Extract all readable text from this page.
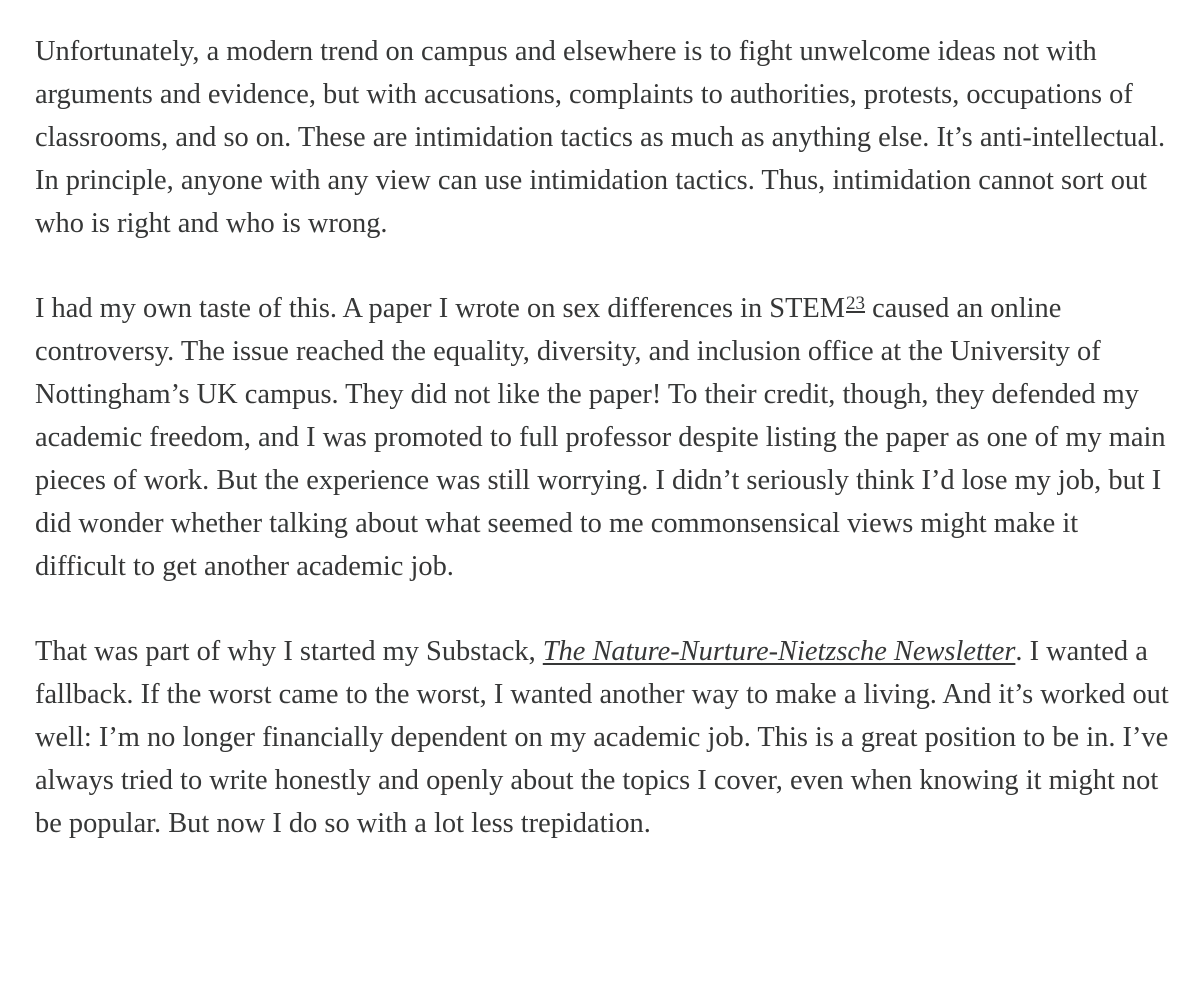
Unfortunately, a modern trend on campus and elsewhere is to fight unwelcome ideas not with arguments and evidence, but with accusations, complaints to authorities, protests, occupations of classrooms, and so on. These are intimidation tactics as much as anything else. It’s anti-intellectual. In principle, anyone with any view can use intimidation tactics. Thus, intimidation cannot sort out who is right and who is wrong.

I had my own taste of this. A paper I wrote on sex differences in STEM$^{23}$ caused an online controversy. The issue reached the equality, diversity, and inclusion office at the University of Nottingham’s UK campus. They did not like the paper! To their credit, though, they defended my academic freedom, and I was promoted to full professor despite listing the paper as one of my main pieces of work. But the experience was still worrying. I didn’t seriously think I’d lose my job, but I did wonder whether talking about what seemed to me commonsensical views might make it difficult to get another academic job.

That was part of why I started my Substack, The Nature-Nurture-Nietzsche Newsletter. I wanted a fallback. If the worst came to the worst, I wanted another way to make a living. And it’s worked out well: I’m no longer financially dependent on my academic job. This is a great position to be in. I’ve always tried to write honestly and openly about the topics I cover, even when knowing it might not be popular. But now I do so with a lot less trepidation.
